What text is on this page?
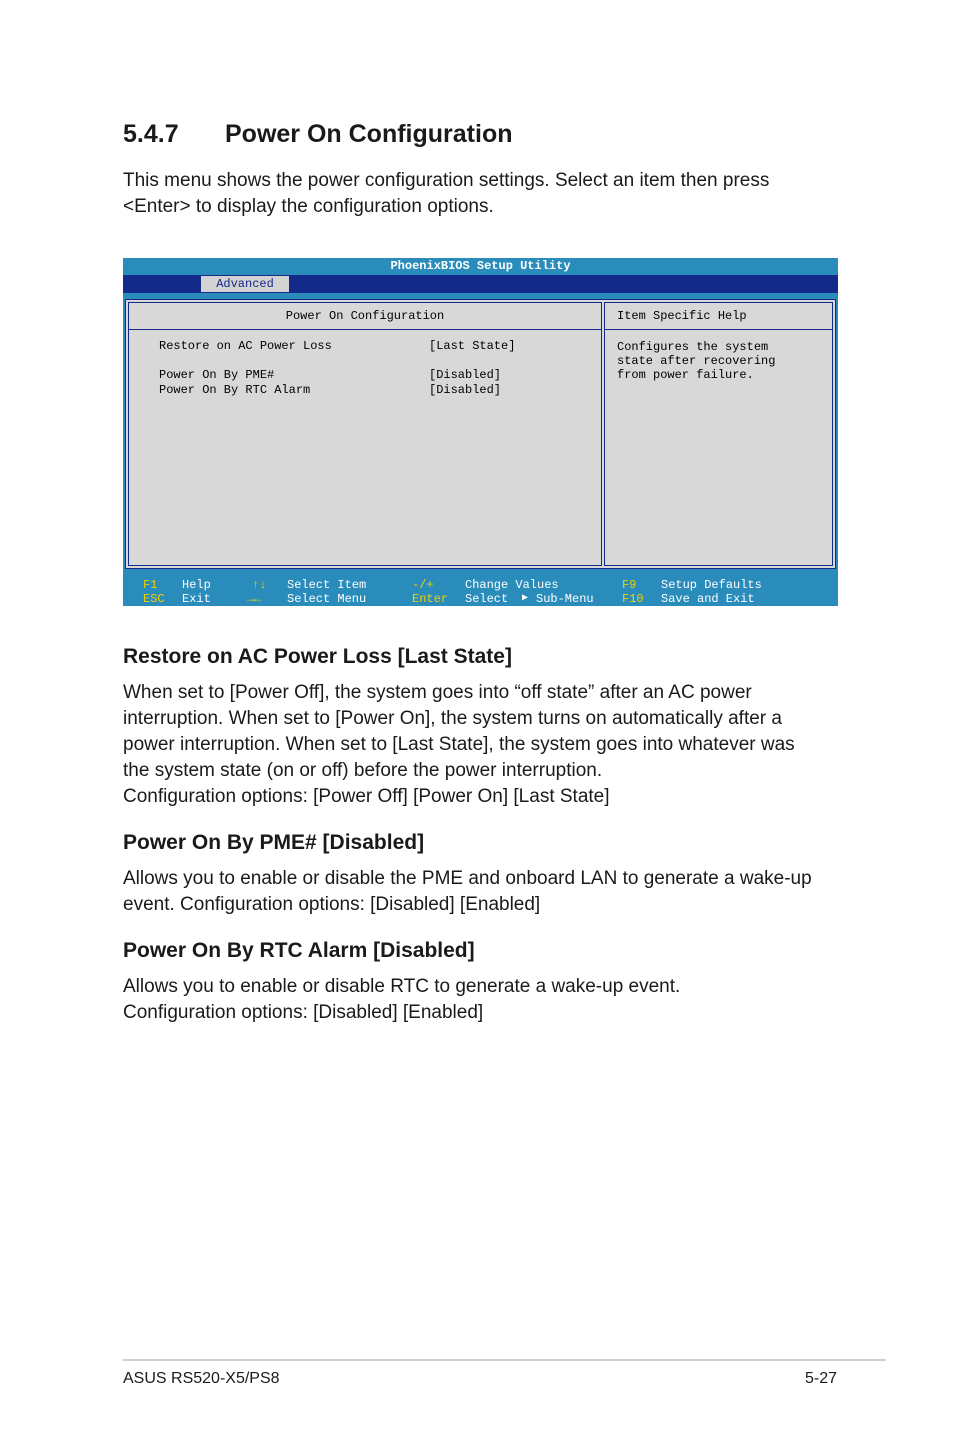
5.4.7 Power On Configuration

This menu shows the power configuration settings. Select an item then press
<Enter> to display the configuration options.

PhoenixBIOS Setup Utility
Advanced
Power On Configuration
Restore on AC Power Loss	[Last State]
Power On By PME#	[Disabled]
Power On By RTC Alarm	[Disabled]
Item Specific Help
Configures the system
state after recovering
from power failure.
F1 Help
ESC Exit
↑↓ Select Item
→← Select Menu
-/+	Change Values
Enter Select ▶ Sub-Menu
F9 Setup Defaults
F10 Save and Exit
Restore on AC Power Loss [Last State]

When set to [Power Off], the system goes into “off state” after an AC power
interruption. When set to [Power On], the system turns on automatically after a
power interruption. When set to [Last State], the system goes into whatever was
the system state (on or off) before the power interruption.
Configuration options: [Power Off] [Power On] [Last State]

Power On By PME# [Disabled]

Allows you to enable or disable the PME and onboard LAN to generate a wake-up
event. Configuration options: [Disabled] [Enabled]

Power On By RTC Alarm [Disabled]

Allows you to enable or disable RTC to generate a wake-up event.
Configuration options: [Disabled] [Enabled]

ASUS RS520-X5/PS8	5-27
